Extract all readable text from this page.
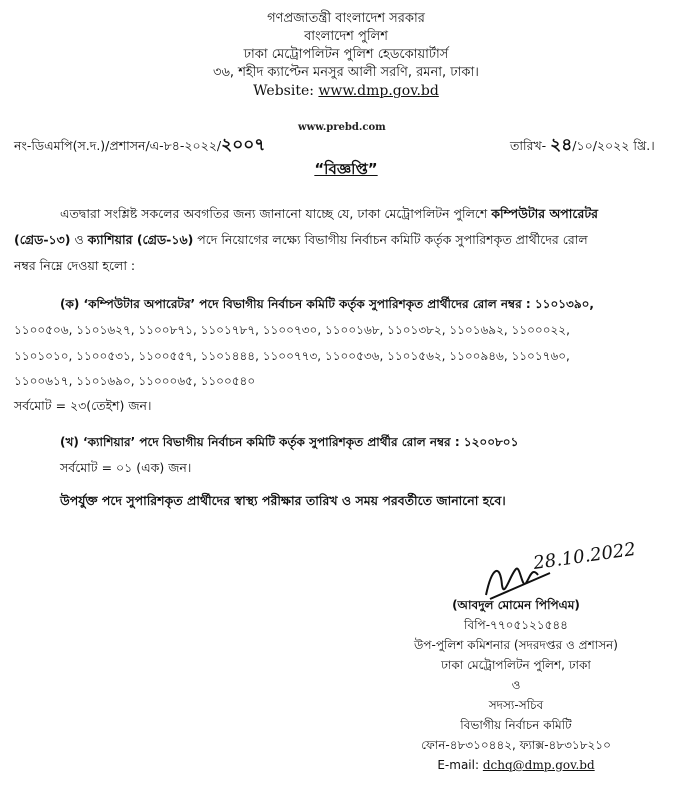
গণপ্রজাতন্ত্রী বাংলাদেশ সরকার
বাংলাদেশ পুলিশ
ঢাকা মেট্রোপলিটন পুলিশ হেডকোয়ার্টার্স
৩৬, শহীদ ক্যাপ্টেন মনসুর আলী সরণি, রমনা, ঢাকা।
Website: www.dmp.gov.bd
www.prebd.com
নং-ডিএমপি(স.দ.)/প্রশাসন/এ-৮৪-২০২২/২০০৭	তারিখ- ২৪/১০/২০২২ খ্রি.।
“বিজ্ঞপ্তি”
এতদ্বারা সংশ্লিষ্ট সকলের অবগতির জন্য জানানো যাচ্ছে যে, ঢাকা মেট্রোপলিটন পুলিশে কম্পিউটার অপারেটর
(গ্রেড-১৩) ও ক্যাশিয়ার (গ্রেড-১৬) পদে নিয়োগের লক্ষ্যে বিভাগীয় নির্বাচন কমিটি কর্তৃক সুপারিশকৃত প্রার্থীদের রোল
নম্বর নিম্নে দেওয়া হলো :
(ক) ‘কম্পিউটার অপারেটর’ পদে বিভাগীয় নির্বাচন কমিটি কর্তৃক সুপারিশকৃত প্রার্থীদের রোল নম্বর : ১১০১৩৯০,
১১০০৫০৬, ১১০১৬২৭, ১১০০৮৭১, ১১০১৭৮৭, ১১০০৭৩০, ১১০০১৬৮, ১১০১৩৮২, ১১০১৬৯২, ১১০০০২২,
১১০১০১০, ১১০০৫৩১, ১১০০৫৫৭, ১১০১৪৪৪, ১১০০৭৭৩, ১১০০৫৩৬, ১১০১৫৬২, ১১০০৯৪৬, ১১০১৭৬০,
১১০০৬১৭, ১১০১৬৯০, ১১০০০৬৫, ১১০০৫৪০
সর্বমোট = ২৩(তেইশ) জন।
(খ) ‘ক্যাশিয়ার’ পদে বিভাগীয় নির্বাচন কমিটি কর্তৃক সুপারিশকৃত প্রার্থীর রোল নম্বর : ১২০০৮০১
সর্বমোট = ০১ (এক) জন।
উপর্যুক্ত পদে সুপারিশকৃত প্রার্থীদের স্বাস্থ্য পরীক্ষার তারিখ ও সময় পরবর্তীতে জানানো হবে।
28.10.2022
(আবদুল মোমেন পিপিএম)
বিপি-৭৭০৫১২১৫৪৪
উপ-পুলিশ কমিশনার (সদরদপ্তর ও প্রশাসন)
ঢাকা মেট্রোপলিটন পুলিশ, ঢাকা
ও
সদস্য-সচিব
বিভাগীয় নির্বাচন কমিটি
ফোন-৪৮৩১০৪৪২, ফ্যাক্স-৪৮৩১৮২১০
E-mail: dchq@dmp.gov.bd
